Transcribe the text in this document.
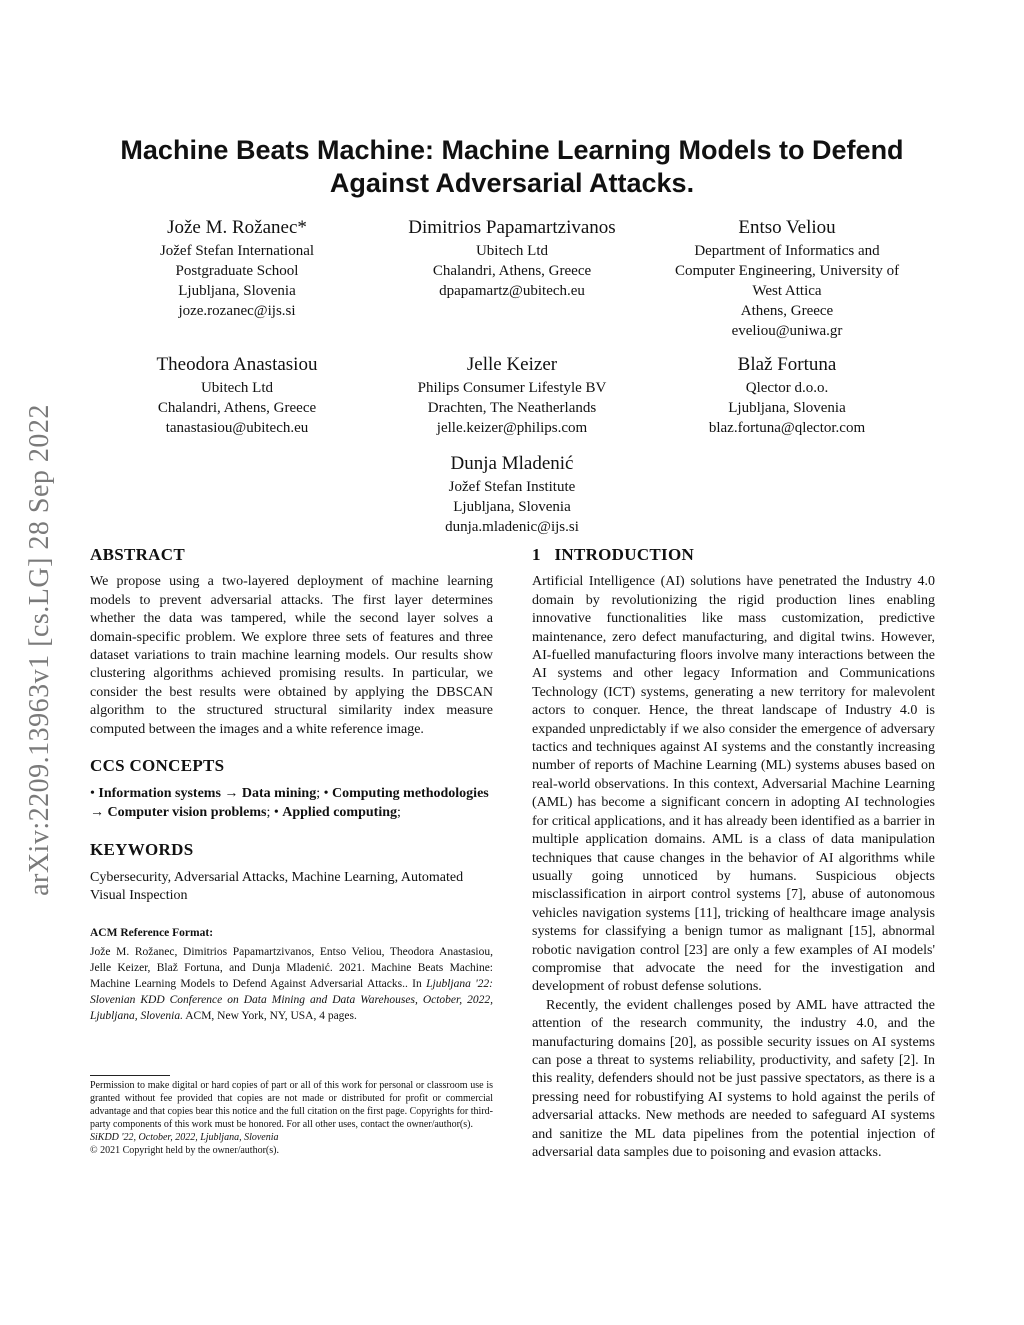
arXiv:2209.13963v1 [cs.LG] 28 Sep 2022
Machine Beats Machine: Machine Learning Models to Defend
Against Adversarial Attacks.
Jože M. Rožanec*
Jožef Stefan International
Postgraduate School
Ljubljana, Slovenia
joze.rozanec@ijs.si
Dimitrios Papamartzivanos
Ubitech Ltd
Chalandri, Athens, Greece
dpapamartz@ubitech.eu
Entso Veliou
Department of Informatics and
Computer Engineering, University of
West Attica
Athens, Greece
eveliou@uniwa.gr
Theodora Anastasiou
Ubitech Ltd
Chalandri, Athens, Greece
tanastasiou@ubitech.eu
Jelle Keizer
Philips Consumer Lifestyle BV
Drachten, The Neatherlands
jelle.keizer@philips.com
Blaž Fortuna
Qlector d.o.o.
Ljubljana, Slovenia
blaz.fortuna@qlector.com
Dunja Mladenić
Jožef Stefan Institute
Ljubljana, Slovenia
dunja.mladenic@ijs.si
ABSTRACT

We propose using a two-layered deployment of machine learning models to prevent adversarial attacks. The first layer determines whether the data was tampered, while the second layer solves a domain-specific problem. We explore three sets of features and three dataset variations to train machine learning models. Our results show clustering algorithms achieved promising results. In particular, we consider the best results were obtained by applying the DBSCAN algorithm to the structured structural similarity index measure computed between the images and a white reference image.

CCS CONCEPTS

• Information systems → Data mining; • Computing methodologies → Computer vision problems; • Applied computing;

KEYWORDS

Cybersecurity, Adversarial Attacks, Machine Learning, Automated Visual Inspection

ACM Reference Format:

Jože M. Rožanec, Dimitrios Papamartzivanos, Entso Veliou, Theodora Anastasiou, Jelle Keizer, Blaž Fortuna, and Dunja Mladenić. 2021. Machine Beats Machine: Machine Learning Models to Defend Against Adversarial Attacks.. In Ljubljana '22: Slovenian KDD Conference on Data Mining and Data Warehouses, October, 2022, Ljubljana, Slovenia. ACM, New York, NY, USA, 4 pages.

Permission to make digital or hard copies of part or all of this work for personal or classroom use is granted without fee provided that copies are not made or distributed for profit or commercial advantage and that copies bear this notice and the full citation on the first page. Copyrights for third-party components of this work must be honored. For all other uses, contact the owner/author(s).

SiKDD '22, October, 2022, Ljubljana, Slovenia

© 2021 Copyright held by the owner/author(s).

1   INTRODUCTION

Artificial Intelligence (AI) solutions have penetrated the Industry 4.0 domain by revolutionizing the rigid production lines enabling innovative functionalities like mass customization, predictive maintenance, zero defect manufacturing, and digital twins. However, AI-fuelled manufacturing floors involve many interactions between the AI systems and other legacy Information and Communications Technology (ICT) systems, generating a new territory for malevolent actors to conquer. Hence, the threat landscape of Industry 4.0 is expanded unpredictably if we also consider the emergence of adversary tactics and techniques against AI systems and the constantly increasing number of reports of Machine Learning (ML) systems abuses based on real-world observations. In this context, Adversarial Machine Learning (AML) has become a significant concern in adopting AI technologies for critical applications, and it has already been identified as a barrier in multiple application domains. AML is a class of data manipulation techniques that cause changes in the behavior of AI algorithms while usually going unnoticed by humans. Suspicious objects misclassification in airport control systems [7], abuse of autonomous vehicles navigation systems [11], tricking of healthcare image analysis systems for classifying a benign tumor as malignant [15], abnormal robotic navigation control [23] are only a few examples of AI models' compromise that advocate the need for the investigation and development of robust defense solutions.

Recently, the evident challenges posed by AML have attracted the attention of the research community, the industry 4.0, and the manufacturing domains [20], as possible security issues on AI systems can pose a threat to systems reliability, productivity, and safety [2]. In this reality, defenders should not be just passive spectators, as there is a pressing need for robustifying AI systems to hold against the perils of adversarial attacks. New methods are needed to safeguard AI systems and sanitize the ML data pipelines from the potential injection of adversarial data samples due to poisoning and evasion attacks.
